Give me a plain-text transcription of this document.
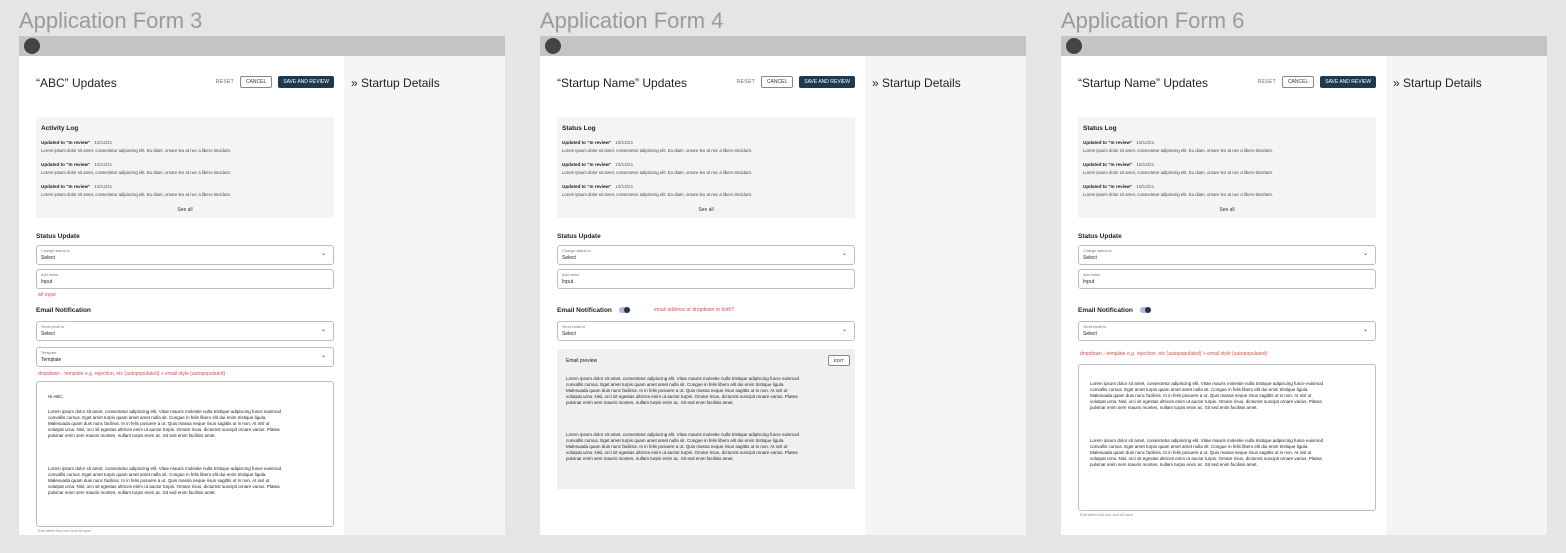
Application Form 3
» Startup Details
“ABC” Updates	RESET	CANCEL	SAVE AND REVIEW
Activity Log
Updated to "In review" 10/12/21
Lorem ipsum dolor sit amet, consectetur adipiscing elit. Eu diam, ornare leo at nec a libero tincidunt.
Updated to "In review" 10/12/21
Lorem ipsum dolor sit amet, consectetur adipiscing elit. Eu diam, ornare leo at nec a libero tincidunt.
Updated to "In review" 10/12/21
Lorem ipsum dolor sit amet, consectetur adipiscing elit. Eu diam, ornare leo at nec a libero tincidunt.
See all
Status Update
Change status to
Select
⌄
Add notes
Input
a/t input
Email Notification
Send email to
Select
⌄
Template
Template
⌄
dropdown - template e.g. rejection, etc (autopopulated) + email style (autopopulated)
Hi ABC,
Lorem ipsum dolor sit amet, consectetur adipiscing elit. Vitae mauris molestie nulla tristique adipiscing fusce euismod convallis cursus. Eget amet turpis quam amet amet nulla sit. Congue in felis libero elit dui enim tristique ligula. Malesuada quam duis nunc facilisis. In in felis posuere a ut. Quis massa neque risus sagittis ut in non. At nisl ut volutpat urna. Nisl, orci sit egestas ultrices enim ut auctor turpis. Ornare risus, dictumst suscipit ornare varius. Platea pulvinar enim sem mauris montes, nullam turpis enim ac. Sit sed enim facilisis amet.
Lorem ipsum dolor sit amet, consectetur adipiscing elit. Vitae mauris molestie nulla tristique adipiscing fusce euismod convallis cursus. Eget amet turpis quam amet amet nulla sit. Congue in felis libero elit dui enim tristique ligula. Malesuada quam duis nunc facilisis. In in felis posuere a ut. Quis massa neque risus sagittis ut in non. At nisl ut volutpat urna. Nisl, orci sit egestas ultrices enim ut auctor turpis. Ornare risus, dictumst suscipit ornare varius. Platea pulvinar enim sem mauris montes, nullam turpis enim ac. Sit sed enim facilisis amet.
Edit within this box and hit save
Application Form 4
» Startup Details
“Startup Name” Updates	RESET	CANCEL	SAVE AND REVIEW
Status Log
Updated to "In review" 10/12/21
Lorem ipsum dolor sit amet, consectetur adipiscing elit. Eu diam, ornare leo at nec a libero tincidunt.
Updated to "In review" 10/12/21
Lorem ipsum dolor sit amet, consectetur adipiscing elit. Eu diam, ornare leo at nec a libero tincidunt.
Updated to "In review" 10/12/21
Lorem ipsum dolor sit amet, consectetur adipiscing elit. Eu diam, ornare leo at nec a libero tincidunt.
See all
Status Update
Change status to
Select
⌄
Add notes
Input
Email Notification	email address or dropdown or both?
Send email to
Select
⌄
Email preview	EDIT
Lorem ipsum dolor sit amet, consectetur adipiscing elit. Vitae mauris molestie nulla tristique adipiscing fusce euismod convallis cursus. Eget amet turpis quam amet amet nulla sit. Congue in felis libero elit dui enim tristique ligula. Malesuada quam duis nunc facilisis. In in felis posuere a ut. Quis massa neque risus sagittis ut in non. At nisl ut volutpat urna. Nisl, orci sit egestas ultrices enim ut auctor turpis. Ornare risus, dictumst suscipit ornare varius. Platea pulvinar enim sem mauris montes, nullam turpis enim ac. Sit sed enim facilisis amet.
Lorem ipsum dolor sit amet, consectetur adipiscing elit. Vitae mauris molestie nulla tristique adipiscing fusce euismod convallis cursus. Eget amet turpis quam amet amet nulla sit. Congue in felis libero elit dui enim tristique ligula. Malesuada quam duis nunc facilisis. In in felis posuere a ut. Quis massa neque risus sagittis ut in non. At nisl ut volutpat urna. Nisl, orci sit egestas ultrices enim ut auctor turpis. Ornare risus, dictumst suscipit ornare varius. Platea pulvinar enim sem mauris montes, nullam turpis enim ac. Sit sed enim facilisis amet.
Application Form 6
» Startup Details
“Startup Name” Updates	RESET	CANCEL	SAVE AND REVIEW
Status Log
Updated to "In review" 10/12/21
Lorem ipsum dolor sit amet, consectetur adipiscing elit. Eu diam, ornare leo at nec a libero tincidunt.
Updated to "In review" 10/12/21
Lorem ipsum dolor sit amet, consectetur adipiscing elit. Eu diam, ornare leo at nec a libero tincidunt.
Updated to "In review" 10/12/21
Lorem ipsum dolor sit amet, consectetur adipiscing elit. Eu diam, ornare leo at nec a libero tincidunt.
See all
Status Update
Change status to
Select
⌄
Add notes
Input
Email Notification
Send email to
Select
⌄
dropdown - template e.g. rejection, etc (autopopulated) + email style (autopopulated)
Lorem ipsum dolor sit amet, consectetur adipiscing elit. Vitae mauris molestie nulla tristique adipiscing fusce euismod convallis cursus. Eget amet turpis quam amet amet nulla sit. Congue in felis libero elit dui enim tristique ligula. Malesuada quam duis nunc facilisis. In in felis posuere a ut. Quis massa neque risus sagittis ut in non. At nisl ut volutpat urna. Nisl, orci sit egestas ultrices enim ut auctor turpis. Ornare risus, dictumst suscipit ornare varius. Platea pulvinar enim sem mauris montes, nullam turpis enim ac. Sit sed enim facilisis amet.
Lorem ipsum dolor sit amet, consectetur adipiscing elit. Vitae mauris molestie nulla tristique adipiscing fusce euismod convallis cursus. Eget amet turpis quam amet amet nulla sit. Congue in felis libero elit dui enim tristique ligula. Malesuada quam duis nunc facilisis. In in felis posuere a ut. Quis massa neque risus sagittis ut in non. At nisl ut volutpat urna. Nisl, orci sit egestas ultrices enim ut auctor turpis. Ornare risus, dictumst suscipit ornare varius. Platea pulvinar enim sem mauris montes, nullam turpis enim ac. Sit sed enim facilisis amet.
Edit within this box and hit save
